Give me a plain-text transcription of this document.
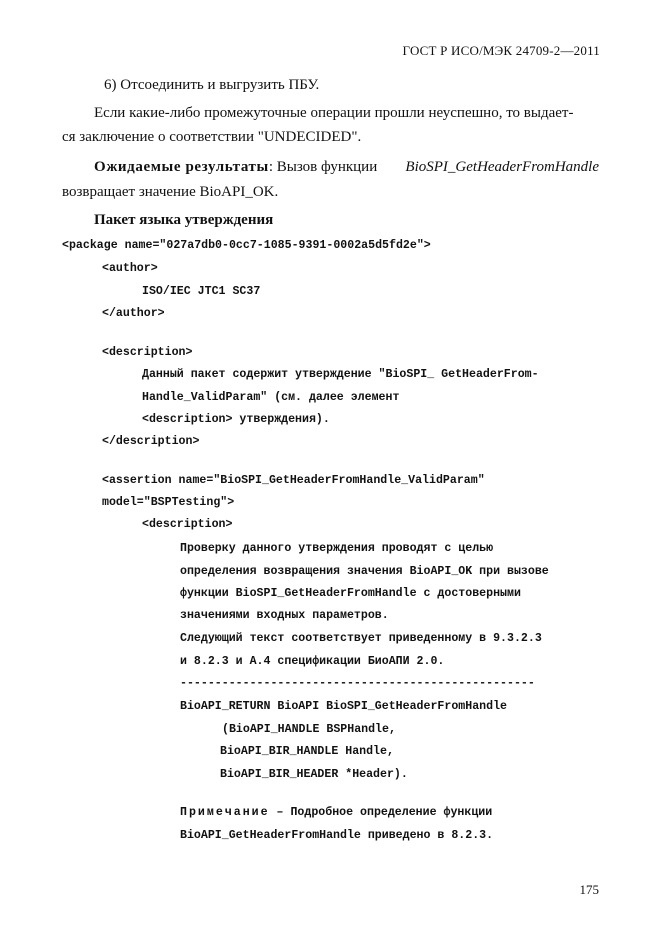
ГОСТ Р ИСО/МЭК 24709-2—2011
6) Отсоединить и выгрузить ПБУ.
Если какие-либо промежуточные операции прошли неуспешно, то выдает-
ся заключение о соответствии "UNDECIDED".
Ожидаемые результаты: Вызов функции BioSPI_GetHeaderFromHandle
возвращает значение BioAPI_OK.
Пакет языка утверждения
<package name="027a7db0-0cc7-1085-9391-0002a5d5fd2e">
<author>
ISO/IEC JTC1 SC37
</author>
<description>
Данный пакет содержит утверждение "BioSPI_ GetHeaderFrom-
Handle_ValidParam" (см. далее элемент
<description> утверждения).
</description>
<assertion name="BioSPI_GetHeaderFromHandle_ValidParam"
model="BSPTesting">
<description>
Проверку данного утверждения проводят с целью
определения возвращения значения BioAPI_OK при вызове
функции BioSPI_GetHeaderFromHandle с достоверными
значениями входных параметров.
Следующий текст соответствует приведенному в 9.3.2.3
и 8.2.3 и А.4 спецификации БиоАПИ 2.0.
---------------------------------------------------
BioAPI_RETURN BioAPI BioSPI_GetHeaderFromHandle
(BioAPI_HANDLE BSPHandle,
BioAPI_BIR_HANDLE Handle,
BioAPI_BIR_HEADER *Header).
Примечание – Подробное определение функции
BioAPI_GetHeaderFromHandle приведено в 8.2.3.
175
